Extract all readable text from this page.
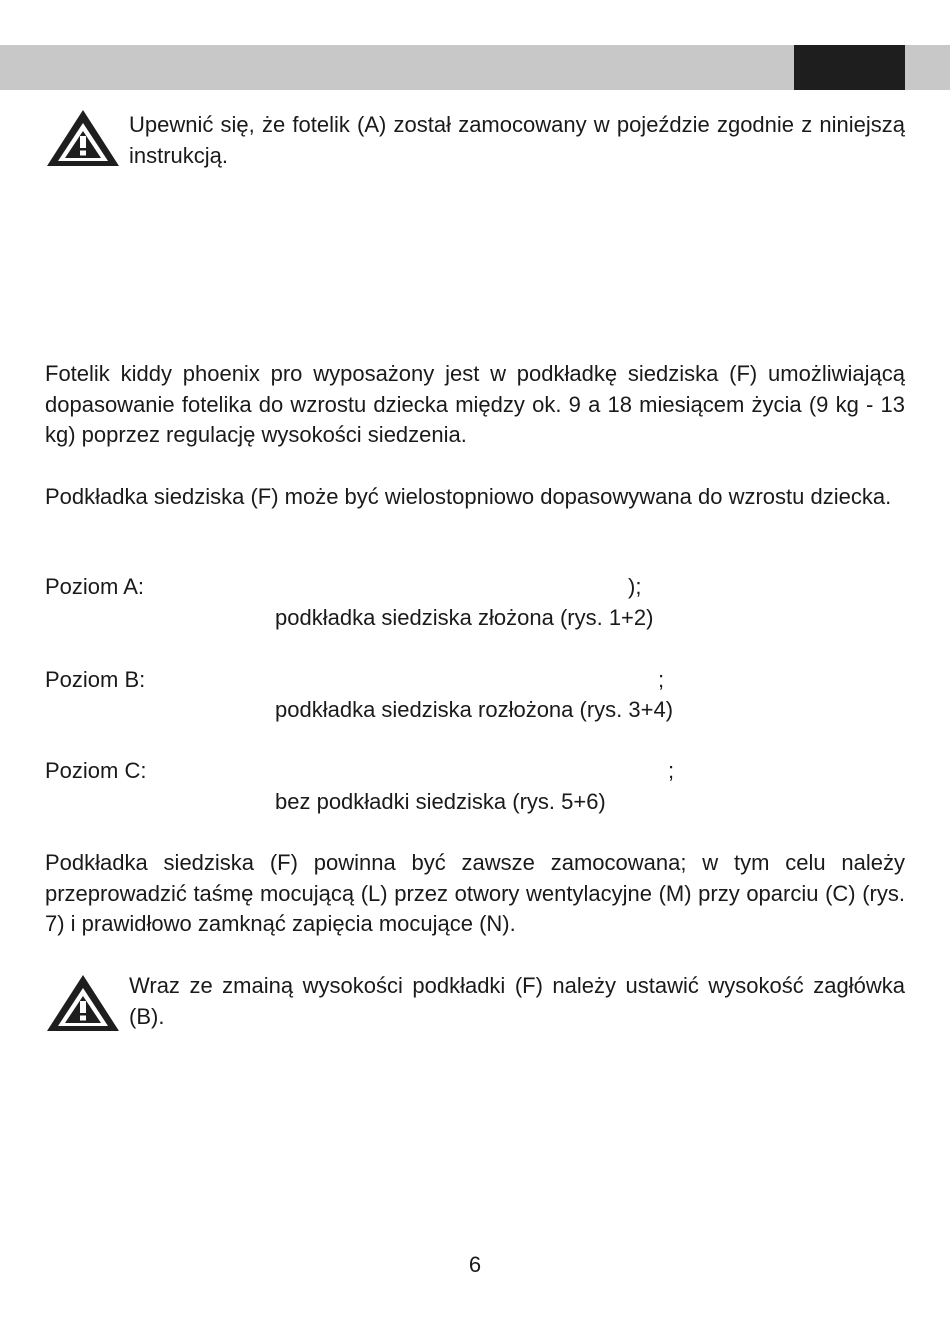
Upewnić się, że fotelik (A) został zamocowany w pojeździe zgodnie z niniejszą instrukcją.
Fotelik kiddy phoenix pro wyposażony jest w podkładkę siedziska (F) umożliwiającą dopasowanie fotelika do wzrostu dziecka między ok. 9 a 18 miesiącem życia (9 kg - 13 kg) poprzez regulację wysokości siedzenia.
Podkładka siedziska (F) może być wielostopniowo dopasowywana do wzrostu dziecka.
Poziom A:	);
podkładka siedziska złożona (rys. 1+2)
Poziom B:	;
podkładka siedziska rozłożona (rys. 3+4)
Poziom C:	;
bez podkładki siedziska (rys. 5+6)
Podkładka siedziska (F) powinna być zawsze zamocowana; w tym celu należy przeprowadzić taśmę mocującą (L) przez otwory wentylacyjne (M) przy oparciu (C) (rys. 7) i prawidłowo zamknąć zapięcia mocujące (N).
Wraz ze zmainą wysokości podkładki (F) należy ustawić wysokość zagłówka (B).
6
